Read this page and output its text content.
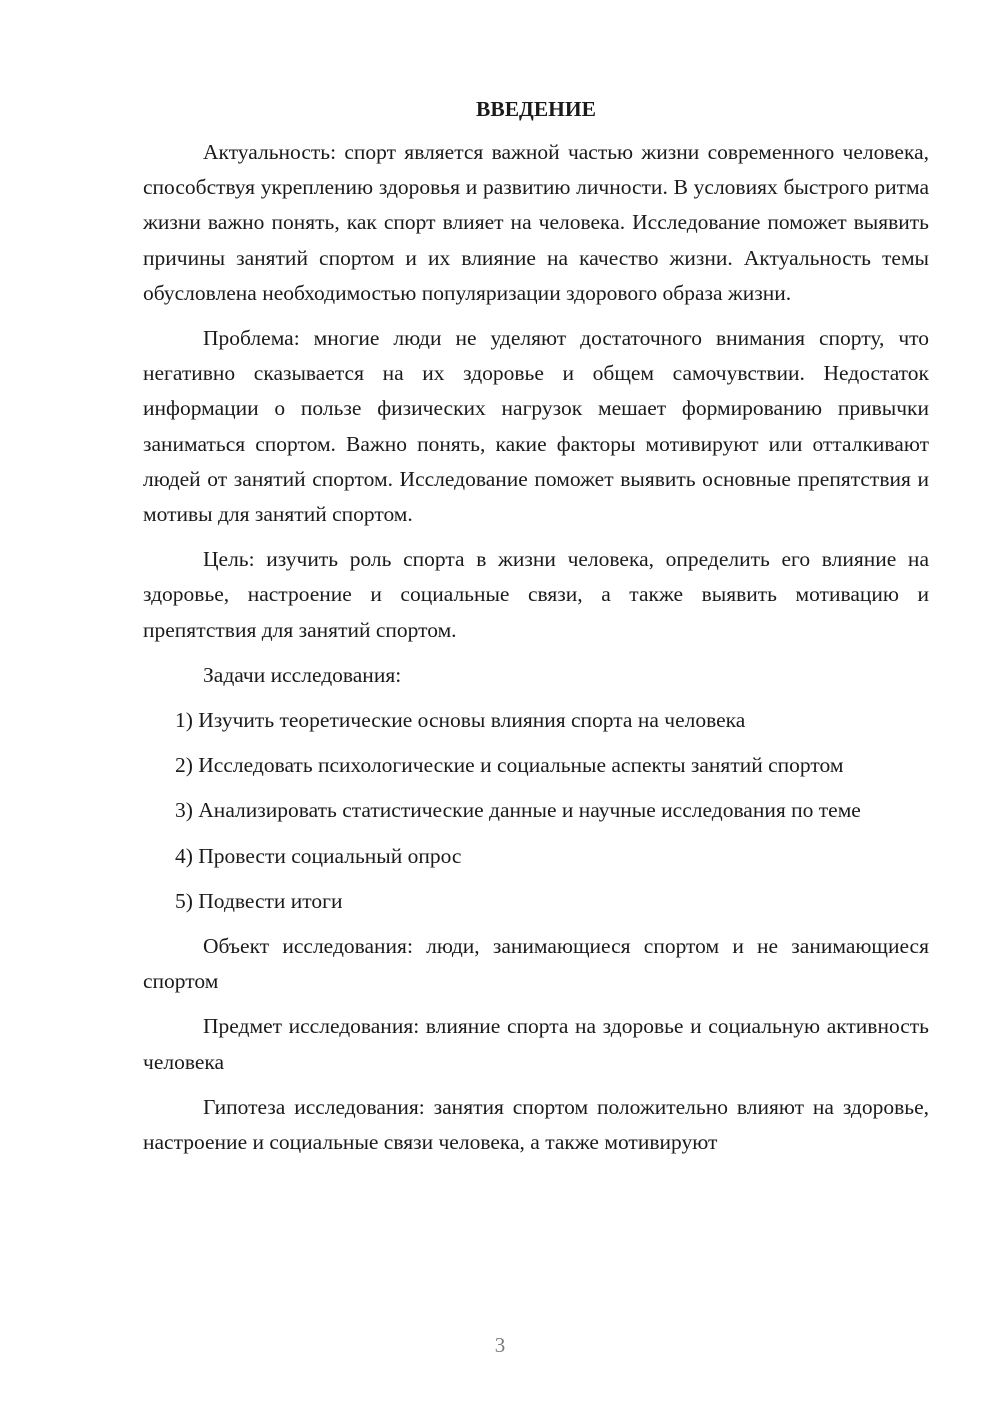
ВВЕДЕНИЕ

Актуальность: спорт является важной частью жизни современного человека, способствуя укреплению здоровья и развитию личности. В условиях быстрого ритма жизни важно понять, как спорт влияет на человека. Исследование поможет выявить причины занятий спортом и их влияние на качество жизни. Актуальность темы обусловлена необходимостью популяризации здорового образа жизни.

Проблема: многие люди не уделяют достаточного внимания спорту, что негативно сказывается на их здоровье и общем самочувствии. Недостаток информации о пользе физических нагрузок мешает формированию привычки заниматься спортом. Важно понять, какие факторы мотивируют или отталкивают людей от занятий спортом. Исследование поможет выявить основные препятствия и мотивы для занятий спортом.

Цель: изучить роль спорта в жизни человека, определить его влияние на здоровье, настроение и социальные связи, а также выявить мотивацию и препятствия для занятий спортом.

Задачи исследования:

1) Изучить теоретические основы влияния спорта на человека

2) Исследовать психологические и социальные аспекты занятий спортом

3) Анализировать статистические данные и научные исследования по теме

4) Провести социальный опрос

5) Подвести итоги

Объект исследования: люди, занимающиеся спортом и не занимающиеся спортом

Предмет исследования: влияние спорта на здоровье и социальную активность человека

Гипотеза исследования: занятия спортом положительно влияют на здоровье, настроение и социальные связи человека, а также мотивируют

3
